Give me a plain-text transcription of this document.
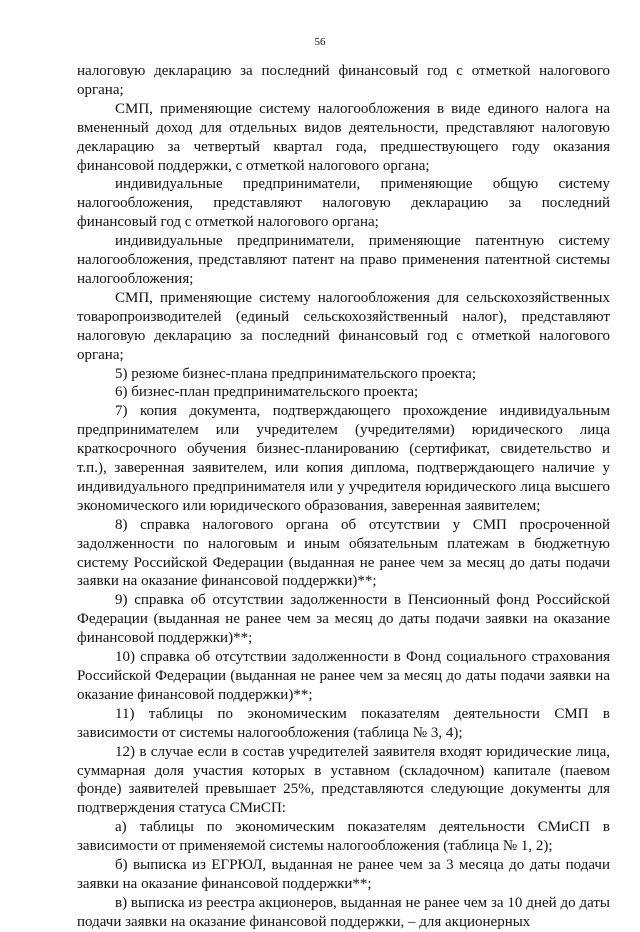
56

налоговую декларацию за последний финансовый год с отметкой налогового органа;

СМП, применяющие систему налогообложения в виде единого налога на вмененный доход для отдельных видов деятельности, представляют налоговую декларацию за четвертый квартал года, предшествующего году оказания финансовой поддержки, с отметкой налогового органа;

индивидуальные предприниматели, применяющие общую систему налогообложения, представляют налоговую декларацию за последний финансовый год с отметкой налогового органа;

индивидуальные предприниматели, применяющие патентную систему налогообложения, представляют патент на право применения патентной системы налогообложения;

СМП, применяющие систему налогообложения для сельскохозяйственных товаропроизводителей (единый сельскохозяйственный налог), представляют налоговую декларацию за последний финансовый год с отметкой налогового органа;

5) резюме бизнес-плана предпринимательского проекта;

6) бизнес-план предпринимательского проекта;

7) копия документа, подтверждающего прохождение индивидуальным предпринимателем или учредителем (учредителями) юридического лица краткосрочного обучения бизнес-планированию (сертификат, свидетельство и т.п.), заверенная заявителем, или копия диплома, подтверждающего наличие у индивидуального предпринимателя или у учредителя юридического лица высшего экономического или юридического образования, заверенная заявителем;

8) справка налогового органа об отсутствии у СМП просроченной задолженности по налоговым и иным обязательным платежам в бюджетную систему Российской Федерации (выданная не ранее чем за месяц до даты подачи заявки на оказание финансовой поддержки)**;

9) справка об отсутствии задолженности в Пенсионный фонд Российской Федерации (выданная не ранее чем за месяц до даты подачи заявки на оказание финансовой поддержки)**;

10) справка об отсутствии задолженности в Фонд социального страхования Российской Федерации (выданная не ранее чем за месяц до даты подачи заявки на оказание финансовой поддержки)**;

11) таблицы по экономическим показателям деятельности СМП в зависимости от системы налогообложения (таблица № 3, 4);

12) в случае если в состав учредителей заявителя входят юридические лица, суммарная доля участия которых в уставном (складочном) капитале (паевом фонде) заявителей превышает 25%, представляются следующие документы для подтверждения статуса СМиСП:

а) таблицы по экономическим показателям деятельности СМиСП в зависимости от применяемой системы налогообложения (таблица № 1, 2);

б) выписка из ЕГРЮЛ, выданная не ранее чем за 3 месяца до даты подачи заявки на оказание финансовой поддержки**;

в) выписка из реестра акционеров, выданная не ранее чем за 10 дней до даты подачи заявки на оказание финансовой поддержки, – для акционерных
